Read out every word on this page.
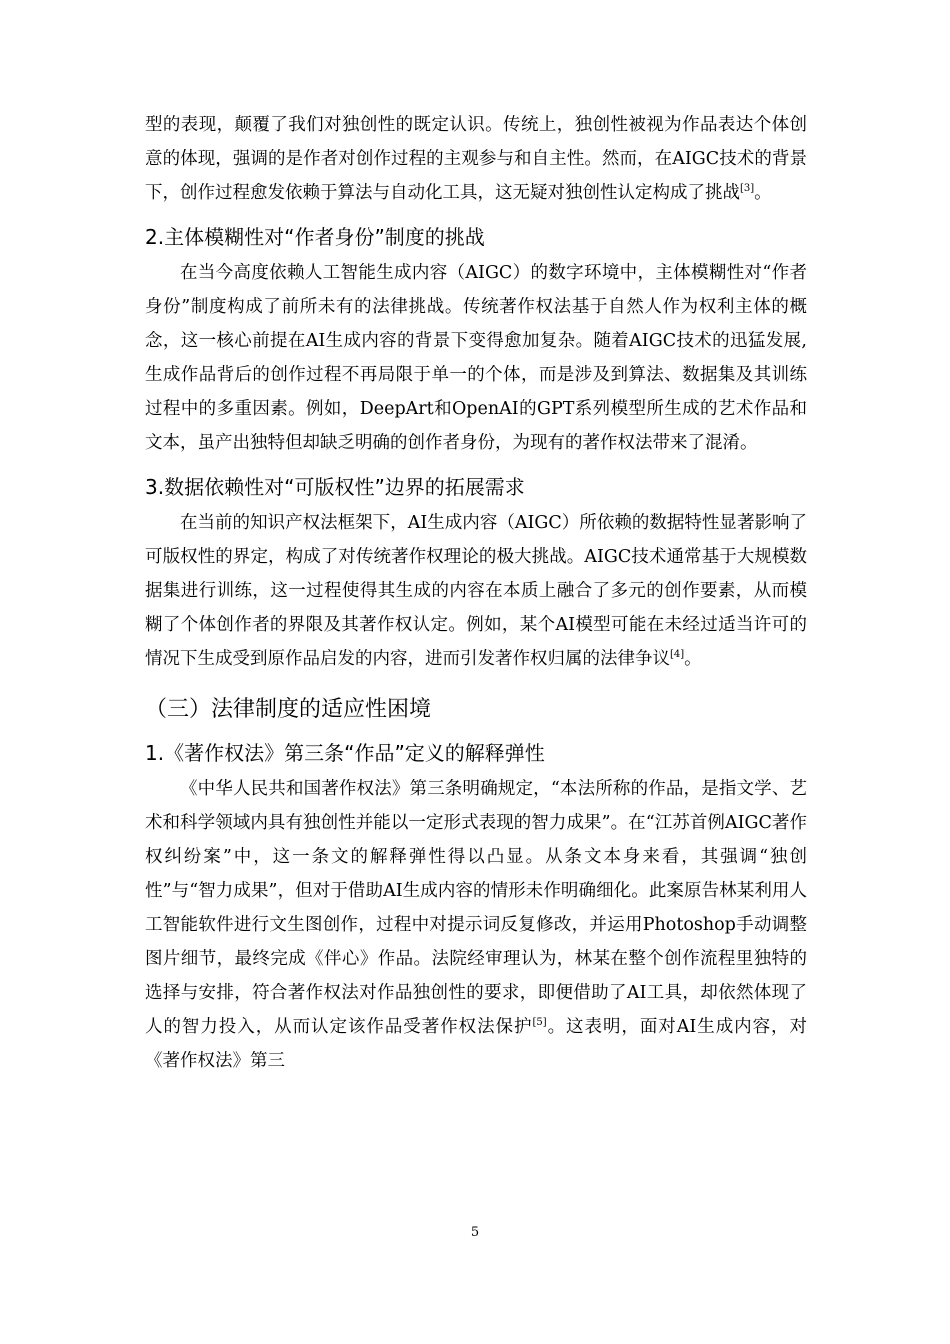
型的表现，颠覆了我们对独创性的既定认识。传统上，独创性被视为作品表达个体创意的体现，强调的是作者对创作过程的主观参与和自主性。然而，在AIGC技术的背景下，创作过程愈发依赖于算法与自动化工具，这无疑对独创性认定构成了挑战[3]。

2.主体模糊性对“作者身份”制度的挑战

在当今高度依赖人工智能生成内容（AIGC）的数字环境中，主体模糊性对“作者身份”制度构成了前所未有的法律挑战。传统著作权法基于自然人作为权利主体的概念，这一核心前提在AI生成内容的背景下变得愈加复杂。随着AIGC技术的迅猛发展,生成作品背后的创作过程不再局限于单一的个体，而是涉及到算法、数据集及其训练过程中的多重因素。例如，DeepArt和OpenAI的GPT系列模型所生成的艺术作品和文本，虽产出独特但却缺乏明确的创作者身份，为现有的著作权法带来了混淆。

3.数据依赖性对“可版权性”边界的拓展需求

在当前的知识产权法框架下，AI生成内容（AIGC）所依赖的数据特性显著影响了可版权性的界定，构成了对传统著作权理论的极大挑战。AIGC技术通常基于大规模数据集进行训练，这一过程使得其生成的内容在本质上融合了多元的创作要素，从而模糊了个体创作者的界限及其著作权认定。例如，某个AI模型可能在未经过适当许可的情况下生成受到原作品启发的内容，进而引发著作权归属的法律争议[4]。

（三）法律制度的适应性困境
1.《著作权法》第三条“作品”定义的解释弹性

《中华人民共和国著作权法》第三条明确规定，“本法所称的作品，是指文学、艺术和科学领域内具有独创性并能以一定形式表现的智力成果”。在“江苏首例AIGC著作权纠纷案”中，这一条文的解释弹性得以凸显。从条文本身来看，其强调“独创性”与“智力成果”，但对于借助AI生成内容的情形未作明确细化。此案原告林某利用人工智能软件进行文生图创作，过程中对提示词反复修改，并运用Photoshop手动调整图片细节，最终完成《伴心》作品。法院经审理认为，林某在整个创作流程里独特的选择与安排，符合著作权法对作品独创性的要求，即便借助了AI工具，却依然体现了人的智力投入，从而认定该作品受著作权法保护[5]。这表明，面对AI生成内容，对《著作权法》第三

5
